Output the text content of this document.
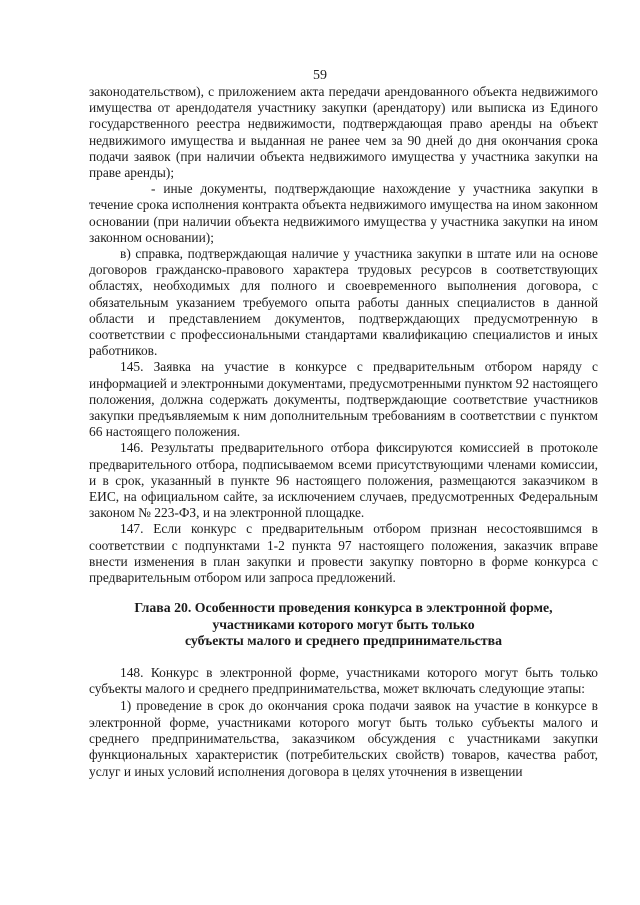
59

законодательством), с приложением акта передачи арендованного объекта недвижимого имущества от арендодателя участнику закупки (арендатору) или выписка из Единого государственного реестра недвижимости, подтверждающая право аренды на объект недвижимого имущества и выданная не ранее чем за 90 дней до дня окончания срока подачи заявок (при наличии объекта недвижимого имущества у участника закупки на праве аренды);

- иные документы, подтверждающие нахождение у участника закупки в течение срока исполнения контракта объекта недвижимого имущества на ином законном основании (при наличии объекта недвижимого имущества у участника закупки на ином законном основании);

в) справка, подтверждающая наличие у участника закупки в штате или на основе договоров гражданско-правового характера трудовых ресурсов в соответствующих областях, необходимых для полного и своевременного выполнения договора, с обязательным указанием требуемого опыта работы данных специалистов в данной области и представлением документов, подтверждающих предусмотренную в соответствии с профессиональными стандартами квалификацию специалистов и иных работников.

145. Заявка на участие в конкурсе с предварительным отбором наряду с информацией и электронными документами, предусмотренными пунктом 92 настоящего положения, должна содержать документы, подтверждающие соответствие участников закупки предъявляемым к ним дополнительным требованиям в соответствии с пунктом 66 настоящего положения.

146. Результаты предварительного отбора фиксируются комиссией в протоколе предварительного отбора, подписываемом всеми присутствующими членами комиссии, и в срок, указанный в пункте 96 настоящего положения, размещаются заказчиком в ЕИС, на официальном сайте, за исключением случаев, предусмотренных Федеральным законом № 223-ФЗ, и на электронной площадке.

147. Если конкурс с предварительным отбором признан несостоявшимся в соответствии с подпунктами 1-2 пункта 97 настоящего положения, заказчик вправе внести изменения в план закупки и провести закупку повторно в форме конкурса с предварительным отбором или запроса предложений.

Глава 20. Особенности проведения конкурса в электронной форме,
участниками которого могут быть только
субъекты малого и среднего предпринимательства

148. Конкурс в электронной форме, участниками которого могут быть только субъекты малого и среднего предпринимательства, может включать следующие этапы:

1) проведение в срок до окончания срока подачи заявок на участие в конкурсе в электронной форме, участниками которого могут быть только субъекты малого и среднего предпринимательства, заказчиком обсуждения с участниками закупки функциональных характеристик (потребительских свойств) товаров, качества работ, услуг и иных условий исполнения договора в целях уточнения в извещении
